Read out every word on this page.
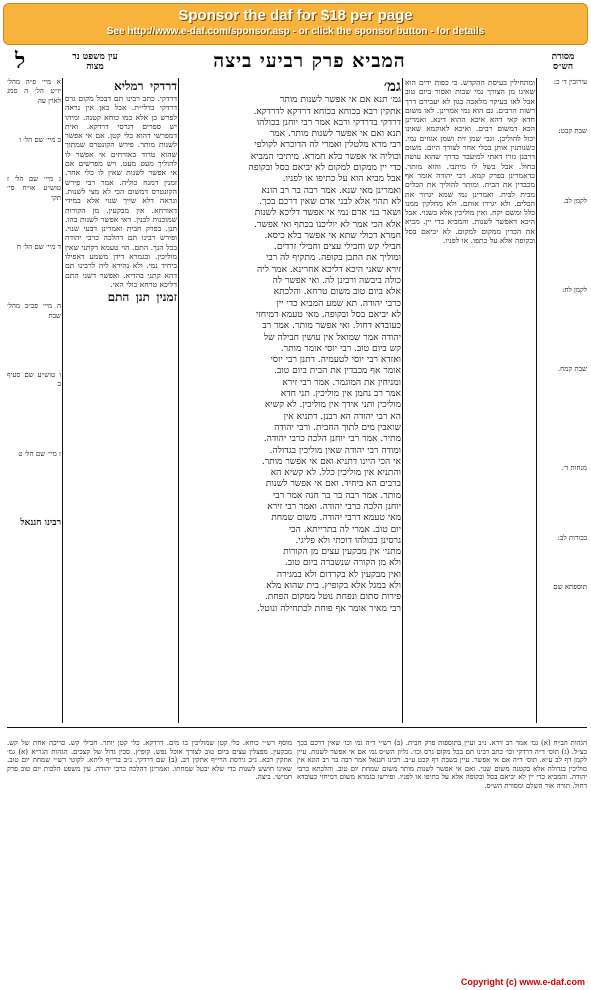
Sponsor the daf for $18 per page
See http://www.e-daf.com/sponsor.asp - or click the sponsor button - for details
מסורת הש״ס
המביא פרק רביעי ביצה
ל	עין משפט נר מצוה

עירובין ד׳ כ:

שבת קכט:

לקמן לב.

לקמן לח:

שבת קמח.

מנחות ד׳.

בכורות לב:

תוספתא שם

ומתחילין בעיסת ההקדש. כי כפות ידים הוא שאינו מן הצורך נמי שבות ואסור ביום טוב אבל לאו בעיקר מלאכה כגון לא יעבירם דרך רשות הרבים. גם הוא נמי אמרינן. לאו משום חדא קאי דהא איכא ההוא דינא. ואמרינן הכא דמשום רבים. ואיכא לאוקמא שאינו יכול להוליכן. וגבי שמן זית ושמן אגוזים נמי. כשנותנין אותן בכלי אחר לצורך היום. משום דרבנן גזרו דאתי למיעבד כדרך שהוא עושה בחול. אבל בשל לו מיתבי. והוא מותר. כדאמרינן בפרק קמא. רבי יהודה אומר אף מכבדין את הבית. ומותר להוליך את הכלים מבית לבית. ואמרינן נמי שמא יגרור את הכלים. ולא יגררו אותם. ולא מחלקין ממנו כלל ומשם יקח. ואין מוליכין אלא בשנוי. אבל היכא דאפשר לשנות. והמביא כדי יין. מביא את הכדין ממקום למקום. לא יביאם בסל ובקופה אלא על כתפו. או לפניו.

גמ׳

גמ׳ תנא אם אי אפשר לשנות מותר

אתקין רבא בכוחא בכוחא דרדקא לדרדקא.

דרדקי בדרדקי ורבא אמר רבי יוחנן בכולהו

תנא ואם אי אפשר לשנות מותר. אמר

רבי מרא מלטלין ואמרי לה הדוכרא לקולפי

וכוליה אי אפשר בלא חמרא. מיתיבי המביא

כדי יין ממקום למקום לא יביאם בסל ובקופה

אבל מביא הוא על כתיפו או לפניו.

ואמרינן מאי שנא. אמר רבה בר רב הונא

לא תהוי אלא לבני אדם שאין דרכם בכך.

ושאר בני אדם נמי אי אפשר דליכא לשנות

אלא הכי אמר לא יוליכנו בכתף ואי אפשר.

חמרא דכולי שתא אי אפשר בלא כיסא.

חבילי קש וחבילי עצים וחבילי זרדים.

ומוליך את התבן בקופה. מתקיף לה רבי

זירא שאני היכא דליכא אחרינא. אמר ליה

כולה ביבשה ורבינן לה. ואי אפשר לה

אלא ביום טוב משום טרחא. והלכתא

כרבי יהודה. תא שמע המביא כדי יין

לא יביאם בסל ובקופה. מאי טעמא דמיחזי

כעובדא דחול. ואי אפשר מותר. אמר רב

יהודה אמר שמואל אין עושין חבילה של

קש ביום טוב. רבי יוסי אומר מותר.

ואזדא רבי יוסי לטעמיה. דתנן רבי יוסי

אומר אף מכבדין את הבית ביום טוב.

ומניחין את המוגמר. אמר רבי זירא

אמר רב נחמן אין מוליכין. תני חדא

מוליכין ותני אידך אין מוליכין. לא קשיא

הא רבי יהודה הא רבנן. דתניא אין

שואבין מים לתוך החבית. ורבי יהודה

מתיר. אמר רבי יוחנן הלכה כרבי יהודה.

ומודה רבי יהודה שאין מוליכין בגדולה.

אי הכי היינו דתניא ואם אי אפשר מותר.

והתניא אין מוליכין כלל. לא קשיא הא

ברבים הא ביחיד. ואם אי אפשר לשנות

מותר. אמר רבה בר בר חנה אמר רבי

יוחנן הלכה כרבי יהודה. ואמר רבי זירא

מאי טעמא דרבי יהודה. משום שמחת

יום טוב. אמרי לה בתרייתא. הכי

גרסינן בכולהו דוכתי ולא פליגי.

מתני׳ אין מבקעין עצים מן הקורות

ולא מן הקורה שנשברה ביום טוב.

ואין מבקעין לא בקרדום ולא במגירה

ולא במגל אלא בקופיץ. בית שהוא מלא

פירות סתום ונפחת נוטל ממקום הפחת.

רבי מאיר אומר אף פוחת לכתחילה ונוטל.

דרדקי רמליא

דרדקי. כתב רבינו תם דבכל מקום גרס דרדקי בדלי״ת. אבל כאן אין נראה לפרש כן אלא כמו כוחא קטנה. ומיהו יש ספרים דגרסי דרדקא. ואית דמפרשי דהוא כלי קטן. אם אי אפשר לשנות מותר. פירש הקונטרס שמתוך שהוא טרוד באורחים אי אפשר לו להוליך מעט מעט. ויש מפרשים אם אי אפשר לשנות שאין לו כלי אחר. זמנין דמנח כוליה. אמר רבי פירש הקונטרס דמשום הכי לא מצי לשנות. ונראה דלא שייך שנוי אלא במידי דאורחא. אין מבקעין. מן הקורות שמוכנות לבנין. דאי אפשר לשנות בהו. תנן. בפרק חבית ואמרינן דבעי שנוי. ופירש רבינו תם דהלכה כרבי יהודה בכל הנך. התם. הוי טעמא דקתני שאין מוליכין. ובגמרא דידן משמע דאפילו ביחיד נמי. ולא נהירא ליה לרבינו תם דהא קתני בהדיא. ואפשר דשני התם דליכא טרחא כולי האי.

זמנין תנן התם

א מיי׳ פ״ה מהל׳ יו״ט הל׳ ה סמג לאוין עה

ב מיי׳ שם הל׳ ו

ג מיי׳ שם הל׳ ז טוש״ע או״ח סי׳ תקי

ד מיי׳ שם הל׳ ח

ה מיי׳ פכ״ב מהל׳ שבת

ו טוש״ע שם סעיף ב

ז מיי׳ שם הל׳ ט

רבינו חננאל

הגהות הב״ח (א) גמ׳ אמר רב זירא. נ״ב ועיין בתוספות פרק חבית. (ב) רש״י ד״ה גמ׳ וכו׳ שאין דרכם בכך כצ״ל. (ג) תוס׳ ד״ה דרדקי וכו׳ כתב רבינו תם בכל מקום גרס וכו׳. גליון הש״ס גמ׳ אם אי אפשר לשנות. עיין לקמן דף לב ע״א. תוס׳ ד״ה אם אי אפשר. עיין בשבת דף קכט ע״ב. רבינו חננאל אמר רבה בר רב הונא אין מוליכין בגדולה אלא בקטנה משום שנוי. ואם אי אפשר לשנות מותר משום שמחת יום טוב. והלכתא כרבי יהודה. והמביא כדי יין לא יביאם בסל ובקופה אלא על כתיפו או לפניו. ופירשו בגמרא משום דמיחזי כעובדא דחול. תורה אור השלם ומסורת הש״ס.

מוסף רש״י כוחא. כלי קטן שמוליכין בו מים. דרדקא. כלי קטן יותר. חבילי קש. כריכה אחת של קש. מבקעין. מפצלין עצים ביום טוב לצורך אוכל נפש. קופיץ. סכין גדול של קצבים. הגהות הגר״א (א) גמ׳ אתקין רבא. נ״ב גירסת הרי״ף אתקין רב. (ב) שם דרדקי. נ״ב ברי״ף ליתא. לקוטי רש״י שמחת יום טוב. שאינו חושש לשנות כדי שלא יבטל שמחתו. ואמרינן דהלכה כרבי יהודה. עין משפט הלכות יום טוב פרק חמישי. ביצה.

Copyright (c) www.e-daf.com
